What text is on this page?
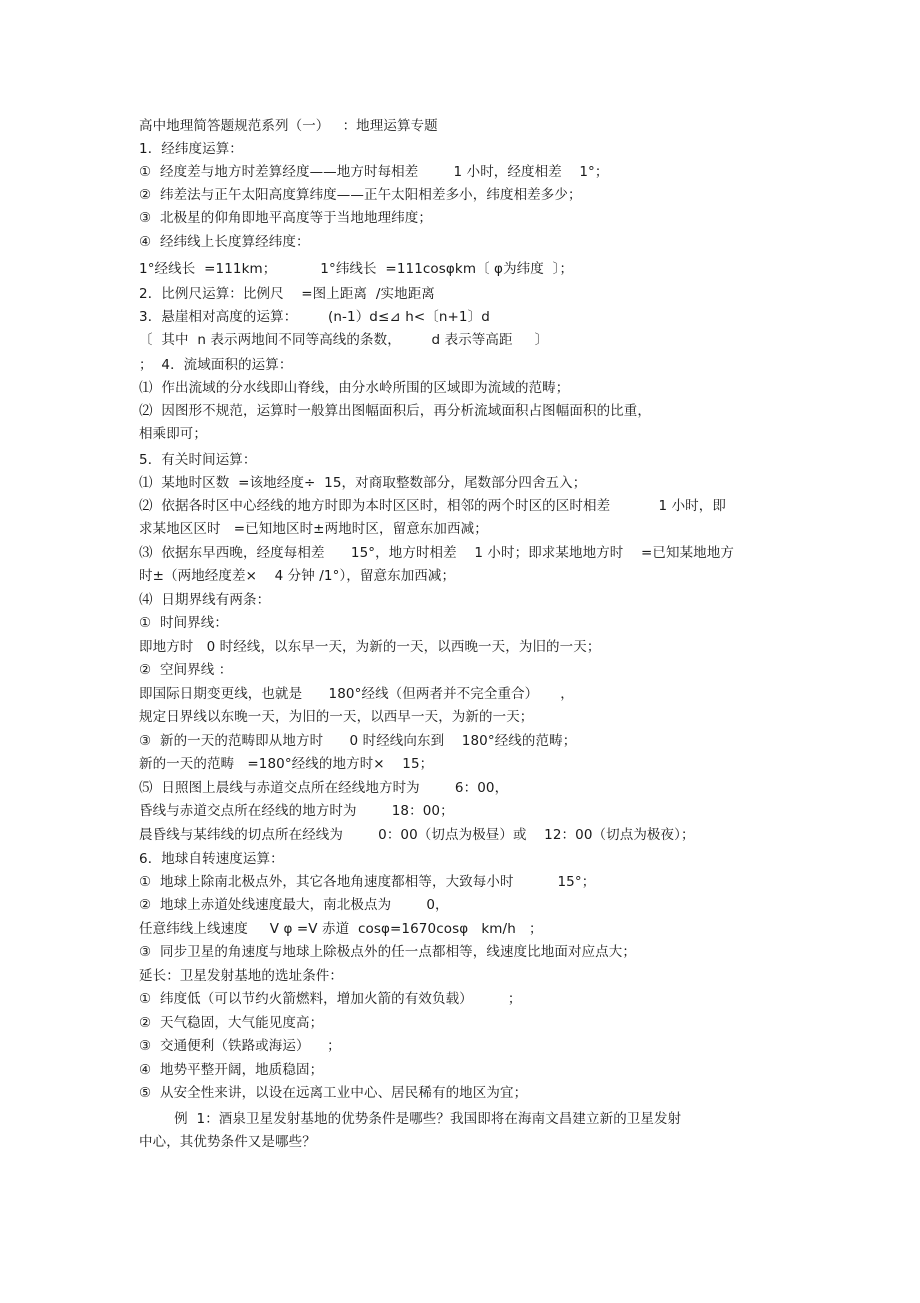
高中地理简答题规范系列（一）   ：地理运算专题
1．经纬度运算：
①  经度差与地方时差算经度——地方时每相差        1 小时，经度相差    1°；
②  纬差法与正午太阳高度算纬度——正午太阳相差多小，纬度相差多少；
③  北极星的仰角即地平高度等于当地地理纬度；
④  经纬线上长度算经纬度：
1°经线长  =111km；          1°纬线长  =111cosφkm〔 φ为纬度  〕；
2．比例尺运算：比例尺    =图上距离  /实地距离
3．悬崖相对高度的运算：       (n-1）d≤⊿ h<〔n+1〕d
〔  其中  n 表示两地间不同等高线的条数，       d 表示等高距     〕
；  4．流域面积的运算：
⑴  作出流域的分水线即山脊线，由分水岭所围的区域即为流域的范畴；
⑵  因图形不规范，运算时一般算出图幅面积后，再分析流域面积占图幅面积的比重，
相乘即可；
5．有关时间运算：
⑴  某地时区数  =该地经度÷  15，对商取整数部分，尾数部分四舍五入；
⑵  依据各时区中心经线的地方时即为本时区区时，相邻的两个时区的区时相差           1 小时，即
求某地区区时   =已知地区时±两地时区，留意东加西减；
⑶  依据东早西晚，经度每相差      15°，地方时相差    1 小时；即求某地地方时    =已知某地地方
时±（两地经度差×    4 分钟 /1°），留意东加西减；
⑷  日期界线有两条：
①  时间界线：
即地方时   0 时经线，以东早一天，为新的一天，以西晚一天，为旧的一天；
②  空间界线 ：
即国际日期变更线，也就是      180°经线（但两者并不完全重合）     ，
规定日界线以东晚一天，为旧的一天，以西早一天，为新的一天；
③  新的一天的范畴即从地方时      0 时经线向东到    180°经线的范畴；
新的一天的范畴   =180°经线的地方时×    15；
⑸  日照图上晨线与赤道交点所在经线地方时为        6：00，
昏线与赤道交点所在经线的地方时为        18：00；
晨昏线与某纬线的切点所在经线为        0：00（切点为极昼）或    12：00（切点为极夜）；
6．地球自转速度运算：
①  地球上除南北极点外，其它各地角速度都相等，大致每小时          15°；
②  地球上赤道处线速度最大，南北极点为        0，
任意纬线上线速度     V φ =V 赤道  cosφ=1670cosφ   km/h   ；
③  同步卫星的角速度与地球上除极点外的任一点都相等，线速度比地面对应点大；
延长：卫星发射基地的选址条件：
①  纬度低（可以节约火箭燃料，增加火箭的有效负载）        ；
②  天气稳固，大气能见度高；
③  交通便利（铁路或海运）    ；
④  地势平整开阔，地质稳固；
⑤  从安全性来讲，以设在远离工业中心、居民稀有的地区为宜；
例  1：酒泉卫星发射基地的优势条件是哪些？我国即将在海南文昌建立新的卫星发射
中心，其优势条件又是哪些？
